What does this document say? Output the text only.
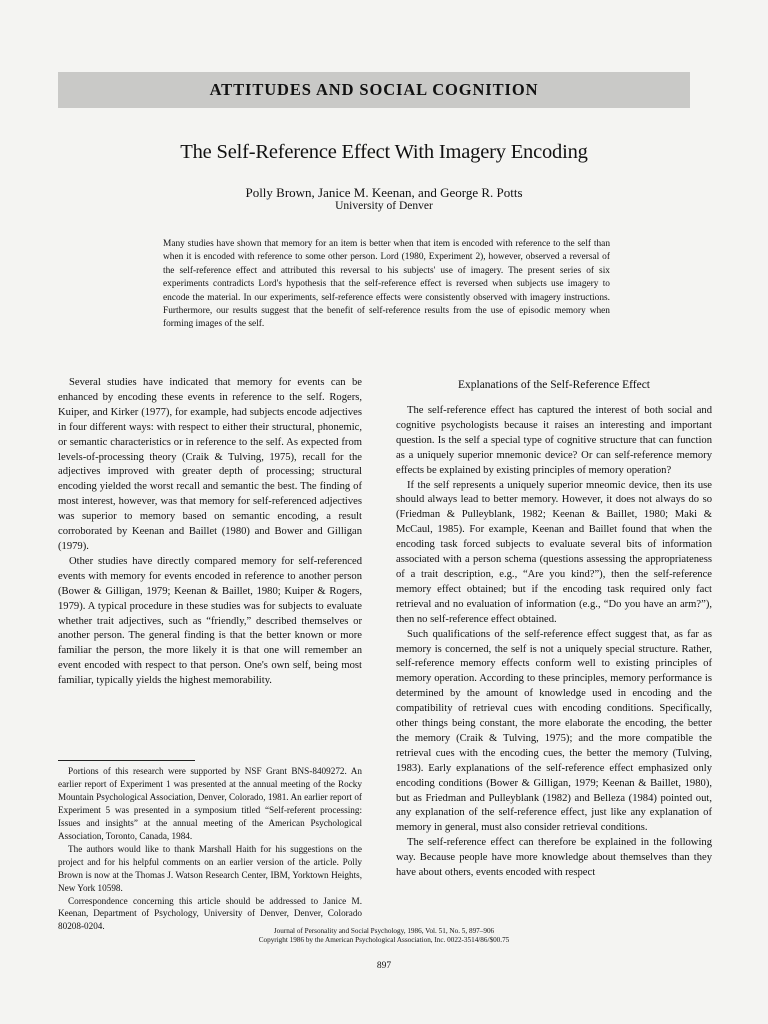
ATTITUDES AND SOCIAL COGNITION
The Self-Reference Effect With Imagery Encoding
Polly Brown, Janice M. Keenan, and George R. Potts
University of Denver
Many studies have shown that memory for an item is better when that item is encoded with reference to the self than when it is encoded with reference to some other person. Lord (1980, Experiment 2), however, observed a reversal of the self-reference effect and attributed this reversal to his subjects' use of imagery. The present series of six experiments contradicts Lord's hypothesis that the self-reference effect is reversed when subjects use imagery to encode the material. In our experiments, self-reference effects were consistently observed with imagery instructions. Furthermore, our results suggest that the benefit of self-reference results from the use of episodic memory when forming images of the self.

Several studies have indicated that memory for events can be enhanced by encoding these events in reference to the self. Rogers, Kuiper, and Kirker (1977), for example, had subjects encode adjectives in four different ways: with respect to either their structural, phonemic, or semantic characteristics or in reference to the self. As expected from levels-of-processing theory (Craik & Tulving, 1975), recall for the adjectives improved with greater depth of processing; structural encoding yielded the worst recall and semantic the best. The finding of most interest, however, was that memory for self-referenced adjectives was superior to memory based on semantic encoding, a result corroborated by Keenan and Baillet (1980) and Bower and Gilligan (1979).

Other studies have directly compared memory for self-referenced events with memory for events encoded in reference to another person (Bower & Gilligan, 1979; Keenan & Baillet, 1980; Kuiper & Rogers, 1979). A typical procedure in these studies was for subjects to evaluate whether trait adjectives, such as “friendly,” described themselves or another person. The general finding is that the better known or more familiar the person, the more likely it is that one will remember an event encoded with respect to that person. One's own self, being most familiar, typically yields the highest memorability.

Portions of this research were supported by NSF Grant BNS-8409272. An earlier report of Experiment 1 was presented at the annual meeting of the Rocky Mountain Psychological Association, Denver, Colorado, 1981. An earlier report of Experiment 5 was presented in a symposium titled “Self-referent processing: Issues and insights” at the annual meeting of the American Psychological Association, Toronto, Canada, 1984.

The authors would like to thank Marshall Haith for his suggestions on the project and for his helpful comments on an earlier version of the article. Polly Brown is now at the Thomas J. Watson Research Center, IBM, Yorktown Heights, New York 10598.

Correspondence concerning this article should be addressed to Janice M. Keenan, Department of Psychology, University of Denver, Denver, Colorado 80208-0204.

Explanations of the Self-Reference Effect

The self-reference effect has captured the interest of both social and cognitive psychologists because it raises an interesting and important question. Is the self a special type of cognitive structure that can function as a uniquely superior mnemonic device? Or can self-reference memory effects be explained by existing principles of memory operation?

If the self represents a uniquely superior mneomic device, then its use should always lead to better memory. However, it does not always do so (Friedman & Pulleyblank, 1982; Keenan & Baillet, 1980; Maki & McCaul, 1985). For example, Keenan and Baillet found that when the encoding task forced subjects to evaluate several bits of information associated with a person schema (questions assessing the appropriateness of a trait description, e.g., “Are you kind?”), then the self-reference memory effect obtained; but if the encoding task required only fact retrieval and no evaluation of information (e.g., “Do you have an arm?”), then no self-reference effect obtained.

Such qualifications of the self-reference effect suggest that, as far as memory is concerned, the self is not a uniquely special structure. Rather, self-reference memory effects conform well to existing principles of memory operation. According to these principles, memory performance is determined by the amount of knowledge used in encoding and the compatibility of retrieval cues with encoding conditions. Specifically, other things being constant, the more elaborate the encoding, the better the memory (Craik & Tulving, 1975); and the more compatible the retrieval cues with the encoding cues, the better the memory (Tulving, 1983). Early explanations of the self-reference effect emphasized only encoding conditions (Bower & Gilligan, 1979; Keenan & Baillet, 1980), but as Friedman and Pulleyblank (1982) and Belleza (1984) pointed out, any explanation of the self-reference effect, just like any explanation of memory in general, must also consider retrieval conditions.

The self-reference effect can therefore be explained in the following way. Because people have more knowledge about themselves than they have about others, events encoded with respect

Journal of Personality and Social Psychology, 1986, Vol. 51, No. 5, 897–906
Copyright 1986 by the American Psychological Association, Inc. 0022-3514/86/$00.75
897
